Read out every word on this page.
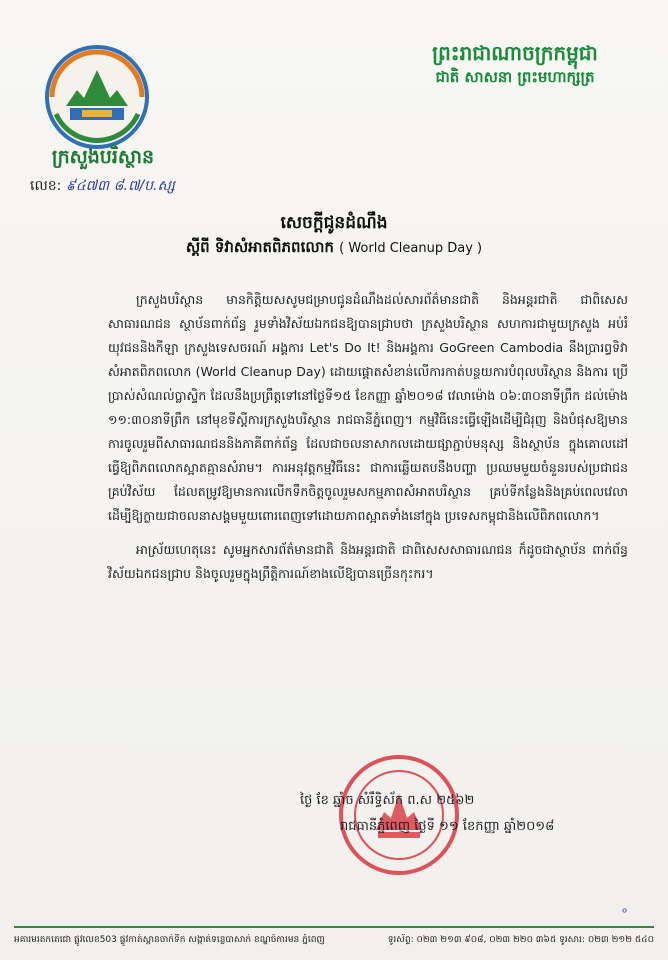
ក្រសួងបរិស្ថាន
លេខ: ៩៤៧៣ ៨.៧/ប.ស្ស
ព្រះរាជាណាចក្រកម្ពុជា
ជាតិ សាសនា ព្រះមហាក្សត្រ
សេចក្តីជូនដំណឹង
ស្តីពី ទិវាសំអាតពិភពលោក ( World Cleanup Day )

ក្រសួងបរិស្ថាន មានកិត្តិយសសូមជម្រាបជូនដំណឹងដល់សារព័ត៌មានជាតិ និងអន្តរជាតិ ជាពិសេស សាធារណជន ស្ថាប័នពាក់ព័ន្ធ រួមទាំងវិស័យឯកជនឱ្យបានជ្រាបថា ក្រសួងបរិស្ថាន សហការជាមួយក្រសួង អប់រំ យុវជននិងកីឡា ក្រសួងទេសចរណ៍ អង្គការ Let's Do It! និងអង្គការ GoGreen Cambodia នឹងប្រារព្ធទិវា សំអាតពិភពលោក (World Cleanup Day) ដោយផ្តោតសំខាន់លើការកាត់បន្ថយការបំពុលបរិស្ថាន និងការ ប្រើប្រាស់សំណល់ប្លាស្ទិក ដែលនឹងប្រព្រឹត្តទៅនៅថ្ងៃទី១៥ ខែកញ្ញា ឆ្នាំ២០១៨ វេលាម៉ោង ០៦:៣០នាទីព្រឹក ដល់ម៉ោង ១១:៣០នាទីព្រឹក នៅមុខទីស្តីការក្រសួងបរិស្ថាន រាជធានីភ្នំពេញ។ កម្មវិធីនេះធ្វើឡើងដើម្បីជំរុញ និងបំផុសឱ្យមានការចូលរួមពីសាធារណជននិងភាគីពាក់ព័ន្ធ ដែលជាចលនាសាកលដោយផ្សាភ្ជាប់មនុស្ស និងស្ថាប័ន ក្នុងគោលដៅធ្វើឱ្យពិភពលោកស្អាតគ្មានសំរាម។ ការអនុវត្តកម្មវិធីនេះ ជាការឆ្លើយតបនឹងបញ្ហា ប្រឈមមួយចំនួនរបស់ប្រជាជនគ្រប់វិស័យ ដែលតម្រូវឱ្យមានការលើកទឹកចិត្តចូលរួមសកម្មភាពសំអាតបរិស្ថាន គ្រប់ទីកន្លែងនិងគ្រប់ពេលវេលា ដើម្បីឱ្យក្លាយជាចលនាសង្គមមួយពោរពេញទៅដោយភាពស្អាតទាំងនៅក្នុង ប្រទេសកម្ពុជានិងលើពិភពលោក។

អាស្រ័យហេតុនេះ សូមអ្នកសារព័ត៌មានជាតិ និងអន្តរជាតិ ជាពិសេសសាធារណជន ក៏ដូចជាស្ថាប័ន ពាក់ព័ន្ធ វិស័យឯកជនជ្រាប និងចូលរួមក្នុងព្រឹត្តិការណ៍ខាងលើឱ្យបានច្រើនកុះករ។

ថ្ងៃ ខែ ឆ្នាំច សំរឹទ្ធិស័ក ព.ស ២៥៦២
រាជធានីភ្នំពេញ ថ្ងៃទី ១១ ខែកញ្ញា ឆ្នាំ២០១៨
ᵒ
អគារមរតកតេជោ ផ្លូវលេខ503 ផ្លូវកាត់ស្ពានចាក់ទឹក សង្កាត់ទន្លេបាសាក់ ខណ្ឌចំការមន ភ្នំពេញ	ទូរស័ព្ទ: ០២៣ ២១៣ ៩០៨, ០២៣ ២២០ ៣៦៥ ទូរសារ: ០២៣ ២១២ ៥៤០
